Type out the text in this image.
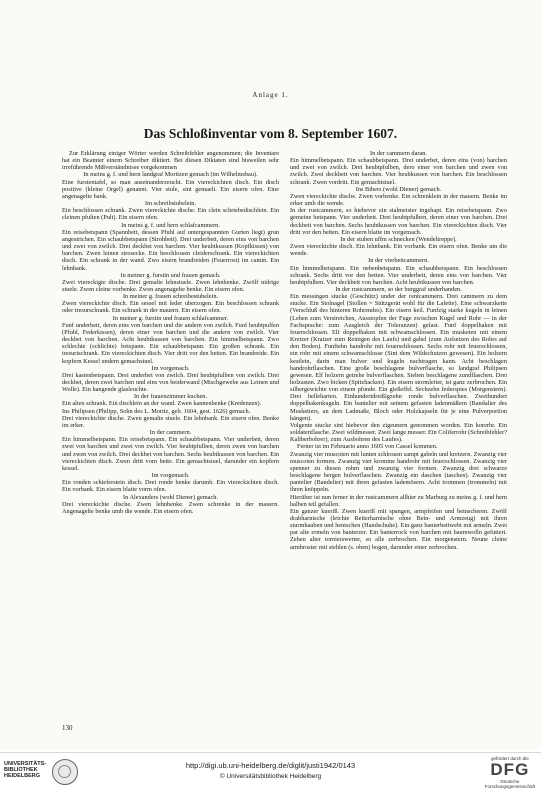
Anlage 1.
Das Schloßinventar vom 8. September 1607.

Zur Erklärung einiger Wörter werden Schreibfehler angenommen; die Inventare hat ein Beamter einem Schreiber diktiert. Bei diesen Diktaten sind bisweilen sehr irreführende Mißverständnisse vorgekommen

In meins g. f. und hern landgraf Moritzen gemach (im Wilhelmsbau).

Eine furstentafel, so man auseinanderzeucht. Ein viereckichten disch. Ein disch positive (kleine Orgel) genannt. Vier stule, sint gemaelt. Ein eisern ofen. Eine angenagelte bank.

Im schreibstubelein.

Ein beschlossen schrank. Zwen viereckichte dische. Ein clein schriebedischlein. Ein cleinen pfulten (Pult). Ein eisern ofen.

In meins g. f. und hern schlafcammern.

Ein reisebetspann (Spannbett, dessen Pfuhl auf untergespannten Gurten liegt) grun angestrichen. Ein schaubbetspann (Strohbett). Drei underbett, deren eins von barchen und zwei von zwilch. Drei deckbet von barchen. Vier heubtkussen (Kopfkissen) von barchen. Zwen leinen strosecke. Ein beschlossen cleiderschrank. Ein viereckichten disch. Ein schrank in der wand. Zwo eisern brandreiden (Feuerrost) im camin. Ein lehnbank.

In meiner g. furstin und frauen gemach.

Zwei viereckigte dische. Drei gemalte lehnstuele. Zwen lehnbenke. Zwölf nidrige stuele. Zwen cleine vorbenke. Zwen angenagelte benke. Ein eisern ofen.

In meiner g. frauen schreibestubelein.

Zwen viereckichte disch. Ein sessel mit leder uberzogen. Ein beschlossen schrank oder tresurschrank. Ein schrank in der mauern. Ein eisern ofen.

In meiner g. furstin und frauen schlafcammer.

Funf underbett, deren eins von barchen und die andern von zwilch. Funf heubtpulfen (Pfuhl, Federkissen), deren einer von barchen und die andern von zwilch. Vier deckbet von barchen. Acht heubtkussen von barchen. Ein himmelbetspann. Zwo schlechte (schlichte) betspann. Ein schaubbetspann. Ein großen schrank. Ein tresurischrank. Ein viereckichten disch. Vier dritt vor den betten. Ein brandreide. Ein kopfern Kessel undern gemachstuel.

Im vorgemach.

Drei kastenbetspann. Drei underbet von zwilch. Drei heubtpfulben von zwilch. Drei deckbet, deren zwei barchen und eins von beiderwand (Mischgewebe aus Leinen und Wolle). Ein hangende glasleuchte.

In der frauenzimmer kuchen.

Ein alten schrank. Ein dischlein an der wand. Zwen kannenbenke (Kredenzen).

Ins Philipsen (Philipp, Sohn des L. Moritz, geb. 1604, gest. 1626) gemach.

Drei viereckichte dische. Zwen gemalte stuele. Ein lehnbank. Ein eisern ofen. Benke im erker.

In der cammern.

Ein himmelbetspann. Ein reisebetspann. Ein schaubbetspann. Vier underbett, deren zwei von barchen und zwei von zwilch. Vier heubtpfulben, deren zwen von barchen und zwen von zwilch. Drei deckbet von barchen. Sechs heubtkussen von barchen. Ein viereckichten disch. Zwen dritt vorn bette. Ein gemachtstuel, darunder ein kopfern kessel.

Im vorgemach.

Ein ronden schieferstein disch. Drei ronde benke darumb. Ein viereckichten disch. Ein vorbank. Ein eisern blatte vorm ofen.

In Alexanders (wohl Diener) gemach.

Drei viereckichte dische. Zwen lehnbenke. Zwen schrenke in der mauern. Angenagelte benke umb die wende. Ein eisern ofen.

In der cammern daran.

Ein himmelbetspann. Ein schaubbetspann. Drei underbet, deren eins (von) barchen und zwei von zwilch. Drei heubtpfulben, dero einer von barchen und zwen von zwilch. Zwei deckbett von barchen. Vier heubkussen von barchen. Ein beschlossen schrank. Zwen vordritt. Ein gemachtstuel.

Ins Bibers (wohl Diener) gemach.

Zwen viereckichte dische. Zwen vorbenke. Ein schrenklein in der mauern. Benke im erker umb die wende.

In der rustcammern, so hiebevor ein stalmeister ingehapt. Ein reisebetspann. Zwo gemeine betspann. Vier underbett. Drei heubtpfulben, deren einer von barchen. Drei deckbett von barchen. Sechs heubtkussen von barchen. Ein viereckichten disch. Vier dritt vor den betten. Ein eisern blatte im vorgemach.

In der stuben uffm schnecken (Wendeltreppe).

Zwen viereckichte disch. Ein lehnbank. Ein vorbank. Ein eisern ofen. Benke um die wende.

In der vierbettcammern.

Ein himmelbetspann. Ein nebenbetspann. Ein schaubbetspann. Ein beschlossen schrank. Sechs dritt vor den betten. Vier underbett, deren eins von barchen. Vier heubtpfulben. Vier deckbett von barchen. Acht heubtkussen von barchen.

In der rustcammern, so der burggraf underhanden.

Ein messingen stucke (Geschütz) under der rentcammern. Drei cammern zu dem stucke. Ein Stolnagel (Stollen = Stützgerät wohl für die Lafette). Eine schwarzkette (Verschluß des hinteren Rohrendes). Ein eisern keil. Funfzig starke kugeln in leinen (Leben zum Verstreichen, Ausstopfen der Fuge zwischen Kugel und Rohr — in der Fachsprache: zum Ausgleich der Toleranzen) gefast. Funf doppelhaken mit feuerschlossen. Elf doppelhaken mit schwamschlossen. Ein musketen mit einem Kretzer (Kratzer zum Reinigen des Laufs) und gabel (zum Aufsetzen des Rohrs auf den Boden). Funftehn handrohr mit feuerschlossen. Sechs rohr mit feuerschlossen, ein rohr mit einem schwamschlosse (Sint dem Wildschutzen gewesen). Ein holzern kestlein, darin man bulver und kugeln nachtragen kann. Acht beschlagen handrohrflaschen. Eine große beschlagene bulverflasche, so landgraf Philipsen gewesen. Elf holzern getrehe bulverflaschen. Sieben beschlagene zundflaschen. Drei holzasten. Zwo bicken (Spitzhacken). Ein eisern stormleiter, ist ganz zerbrochen. Ein silbergewichte von einem pfunde. Ein gießeffel. Sechzehn federspies (Morgenstern). Drei helleharten. Einhundertdreißigzehn ronde bulverflaschen. Zweihundert doppelhakenkugeln. Ein bantelier mit seinem gefasten ladenmäßern (Bandalier des Musketiers, an dem Ladmaße, Bloch oder Holzkapseln für je eine Pulverportion hängen).

Volgente stucke sint hiebevor den zigeunern genommen worden. Ein korerhr. Ein soldatenflasche. Zwei wildmesser. Zwei lange messer. Ein Coliferrohr (Schreibfehler? Kaliberbohrer), zum Ausbohren des Laufes).

Ferner ist im Februario anno 1605 von Cassel kommen.

Zwanzig vier muscoten mit lunten schlossen sampt gabeln und kretzern. Zwanzig vier muscoten formen. Zwanzig vier kromme handrohr mit feuerschlossen. Zwanzig vier spenner zu diesen rohrn und zwanzig vier formen. Zwanzig drei schwarze beschlagene bergen bulverflaschen. Zwanzig ein daschen (taschen). Zwanzig vier pantelier (Bandelier) mit ihren gefasten lademösern. Acht trommen (trommeln) mit ihren knöppeln.

Hierüber ist nun ferner in der rustcammern allhier zu Marburg zu meins g. f. und hern halben teil gefallen.

Ein ganzer kueriß. Zwen kueriß mit spangen, armpfeifen und beinscheren. Zwölf drabharnische (leichte Reiterharnische ohne Bein- und Armzeug) mit ihren sturmhauben und hentschen (Handschuhe). Ein ganz banterbettwebt mit armeln. Zwei par alte ermeln von banterzer. Ein banterrock von barchen mit baumwolln gefuttert. Zehen alter tornierswerter, so alle zerbrochen. Ein morgenstern. Neune cleine armbroster mit stehlen (s. oben) bogen, darunder einer zerbrochen.

130
UNIVERSITÄTS-
BIBLIOTHEK
HEIDELBERG
http://digi.ub.uni-heidelberg.de/diglit/justi1942/0143
© Universitätsbibliothek Heidelberg
gefördert durch die
DFG
Deutsche
Forschungsgemeinschaft
